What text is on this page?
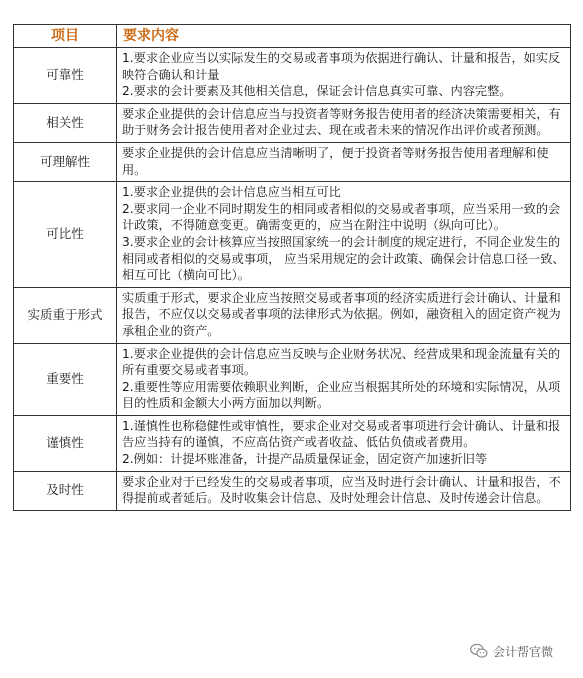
项目	要求内容
可靠性	1.要求企业应当以实际发生的交易或者事项为依据进行确认、计量和报告，如实反映符合确认和计量
2.要求的会计要素及其他相关信息，保证会计信息真实可靠、内容完整。

相关性	要求企业提供的会计信息应当与投资者等财务报告使用者的经济决策需要相关，有助于财务会计报告使用者对企业过去、现在或者未来的情况作出评价或者预测。

可理解性	要求企业提供的会计信息应当清晰明了，便于投资者等财务报告使用者理解和使用。

可比性	1.要求企业提供的会计信息应当相互可比
2.要求同一企业不同时期发生的相同或者相似的交易或者事项，应当采用一致的会计政策，不得随意变更。确需变更的，应当在附注中说明（纵向可比）。
3.要求企业的会计核算应当按照国家统一的会计制度的规定进行，不同企业发生的相同或者相似的交易或事项， 应当采用规定的会计政策、确保会计信息口径一致、相互可比（横向可比）。

实质重于形式	实质重于形式，要求企业应当按照交易或者事项的经济实质进行会计确认、计量和报告，不应仅以交易或者事项的法律形式为依据。例如，融资租入的固定资产视为承租企业的资产。

重要性	1.要求企业提供的会计信息应当反映与企业财务状况、经营成果和现金流量有关的所有重要交易或者事项。
2.重要性等应用需要依赖职业判断，企业应当根据其所处的环境和实际情况，从项目的性质和金额大小两方面加以判断。

谨慎性	1.谨慎性也称稳健性或审慎性，要求企业对交易或者事项进行会计确认、计量和报告应当持有的谨慎，不应高估资产或者收益、低估负债或者费用。
2.例如：计提坏账准备，计提产品质量保证金，固定资产加速折旧等

及时性	要求企业对于已经发生的交易或者事项，应当及时进行会计确认、计量和报告，不得提前或者延后。及时收集会计信息、及时处理会计信息、及时传递会计信息。
会计帮官微
